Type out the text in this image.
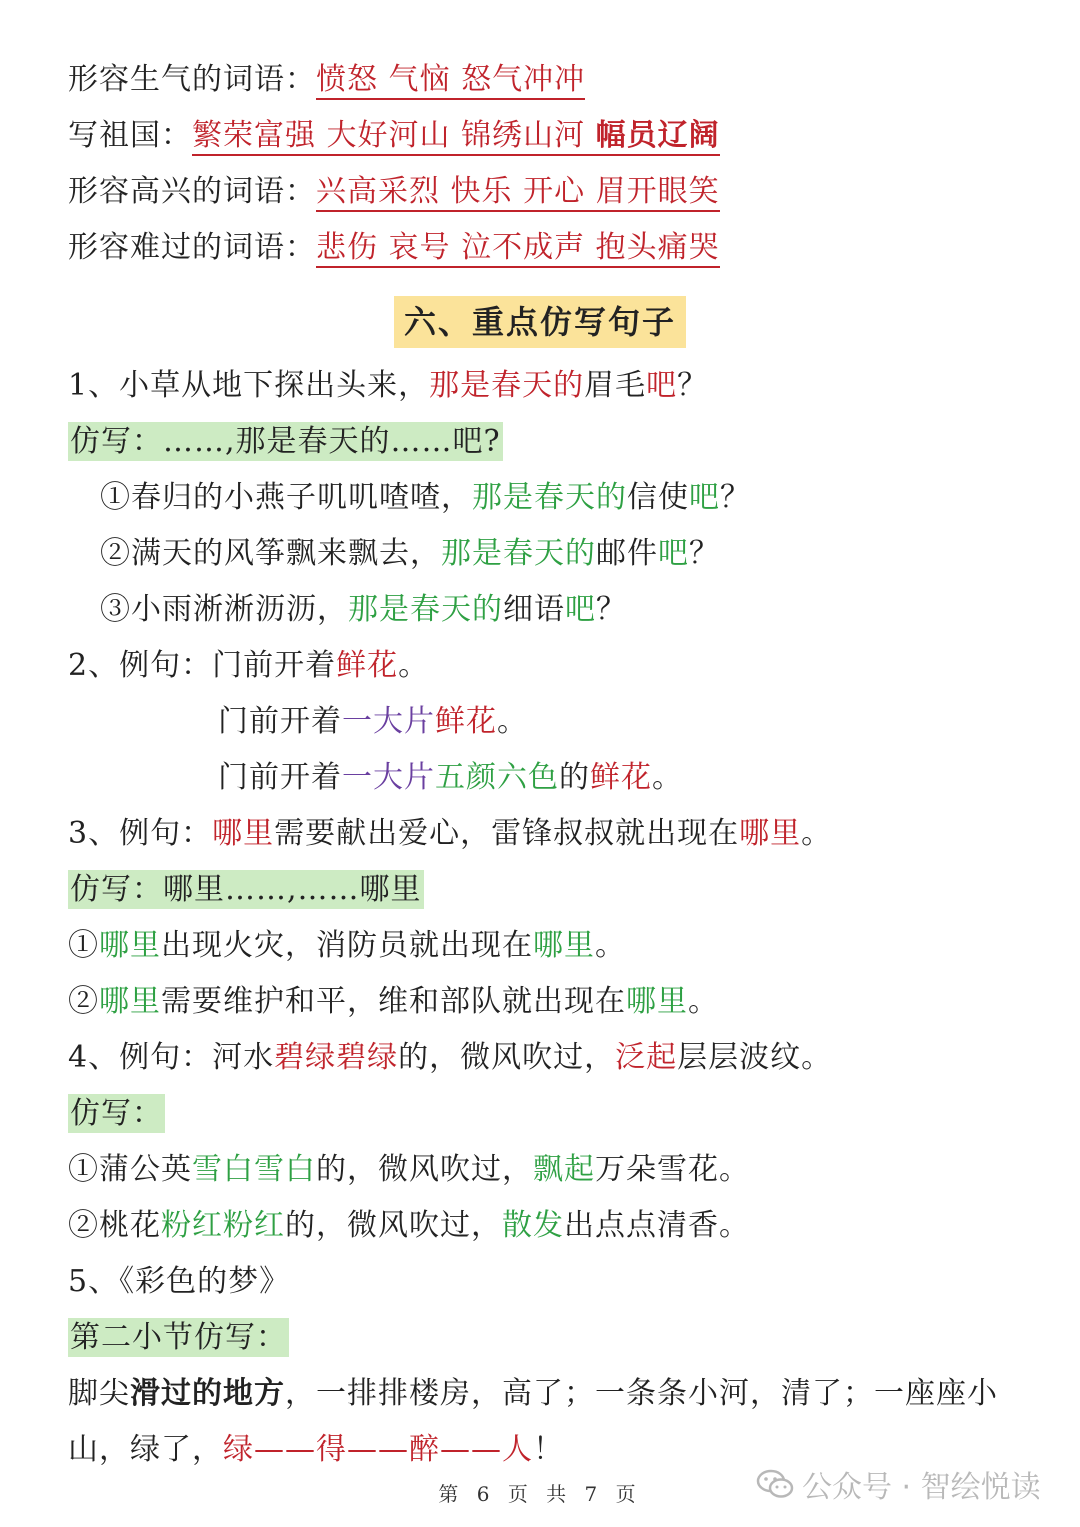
形容生气的词语：愤怒 气恼 怒气冲冲
写祖国：繁荣富强 大好河山 锦绣山河 幅员辽阔
形容高兴的词语：兴高采烈 快乐 开心 眉开眼笑
形容难过的词语：悲伤 哀号 泣不成声 抱头痛哭
六、重点仿写句子
1、小草从地下探出头来，那是春天的眉毛吧？
仿写：……,那是春天的……吧?
①春归的小燕子叽叽喳喳，那是春天的信使吧？
②满天的风筝飘来飘去，那是春天的邮件吧？
③小雨淅淅沥沥，那是春天的细语吧？
2、例句：门前开着鲜花。
门前开着一大片鲜花。
门前开着一大片五颜六色的鲜花。
3、例句：哪里需要献出爱心，雷锋叔叔就出现在哪里。
仿写：哪里……,……哪里
①哪里出现火灾，消防员就出现在哪里。
②哪里需要维护和平，维和部队就出现在哪里。
4、例句：河水碧绿碧绿的，微风吹过，泛起层层波纹。
仿写：
①蒲公英雪白雪白的，微风吹过，飘起万朵雪花。
②桃花粉红粉红的，微风吹过，散发出点点清香。
5、《彩色的梦》
第二小节仿写：
脚尖滑过的地方，一排排楼房，高了；一条条小河，清了；一座座小
山，绿了，绿——得——醉——人！
第 6 页 共 7 页	公众号 · 智绘悦读
